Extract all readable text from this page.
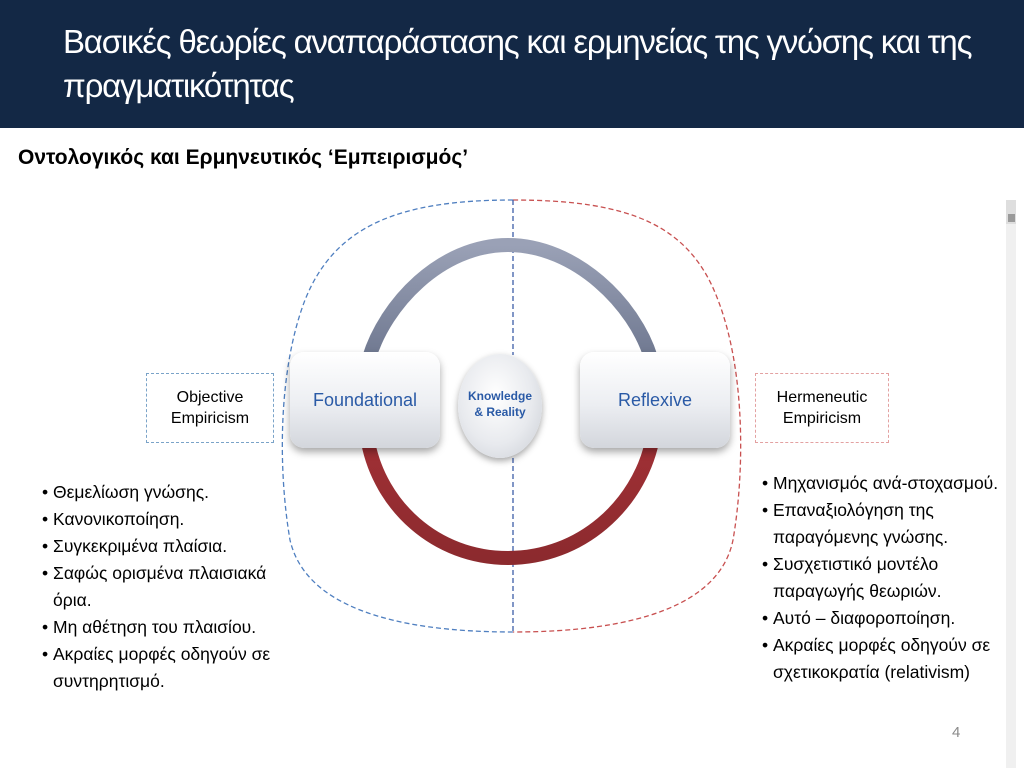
Βασικές θεωρίες αναπαράστασης και ερμηνείας της γνώσης και της πραγματικότητας
Οντολογικός και Ερμηνευτικός ‘Εμπειρισμός’
Objective
Empiricism
Hermeneutic
Empiricism
Foundational	Reflexive
Knowledge
& Reality
• Θεμελίωση γνώσης.
• Κανονικοποίηση.
• Συγκεκριμένα πλαίσια.
• Σαφώς ορισμένα πλαισιακά όρια.
• Μη αθέτηση του πλαισίου.
• Ακραίες μορφές οδηγούν σε συντηρητισμό.
• Μηχανισμός ανά-στοχασμού.
• Επαναξιολόγηση της παραγόμενης γνώσης.
• Συσχετιστικό μοντέλο παραγωγής θεωριών.
• Αυτό – διαφοροποίηση.
• Ακραίες μορφές οδηγούν σε σχετικοκρατία (relativism)
4
